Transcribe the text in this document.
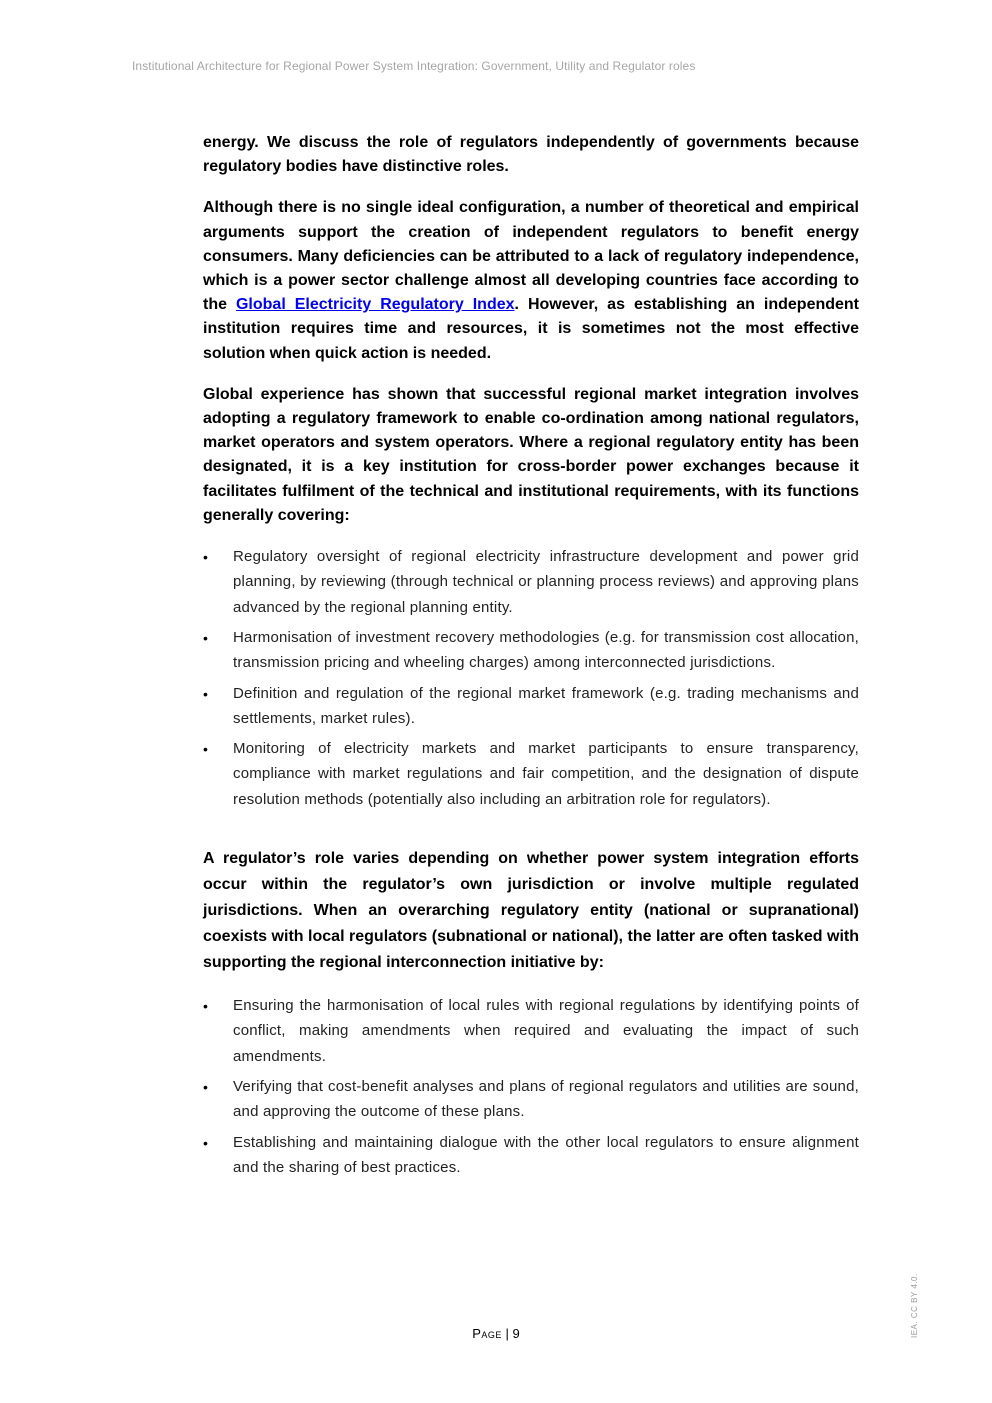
Institutional Architecture for Regional Power System Integration: Government, Utility and Regulator roles

energy. We discuss the role of regulators independently of governments because regulatory bodies have distinctive roles.

Although there is no single ideal configuration, a number of theoretical and empirical arguments support the creation of independent regulators to benefit energy consumers. Many deficiencies can be attributed to a lack of regulatory independence, which is a power sector challenge almost all developing countries face according to the Global Electricity Regulatory Index. However, as establishing an independent institution requires time and resources, it is sometimes not the most effective solution when quick action is needed.

Global experience has shown that successful regional market integration involves adopting a regulatory framework to enable co-ordination among national regulators, market operators and system operators. Where a regional regulatory entity has been designated, it is a key institution for cross-border power exchanges because it facilitates fulfilment of the technical and institutional requirements, with its functions generally covering:

• Regulatory oversight of regional electricity infrastructure development and power grid planning, by reviewing (through technical or planning process reviews) and approving plans advanced by the regional planning entity.
• Harmonisation of investment recovery methodologies (e.g. for transmission cost allocation, transmission pricing and wheeling charges) among interconnected jurisdictions.
• Definition and regulation of the regional market framework (e.g. trading mechanisms and settlements, market rules).
• Monitoring of electricity markets and market participants to ensure transparency, compliance with market regulations and fair competition, and the designation of dispute resolution methods (potentially also including an arbitration role for regulators).

A regulator’s role varies depending on whether power system integration efforts occur within the regulator’s own jurisdiction or involve multiple regulated jurisdictions. When an overarching regulatory entity (national or supranational) coexists with local regulators (subnational or national), the latter are often tasked with supporting the regional interconnection initiative by:

• Ensuring the harmonisation of local rules with regional regulations by identifying points of conflict, making amendments when required and evaluating the impact of such amendments.
• Verifying that cost-benefit analyses and plans of regional regulators and utilities are sound, and approving the outcome of these plans.
• Establishing and maintaining dialogue with the other local regulators to ensure alignment and the sharing of best practices.
Page | 9	IEA. CC BY 4.0.
